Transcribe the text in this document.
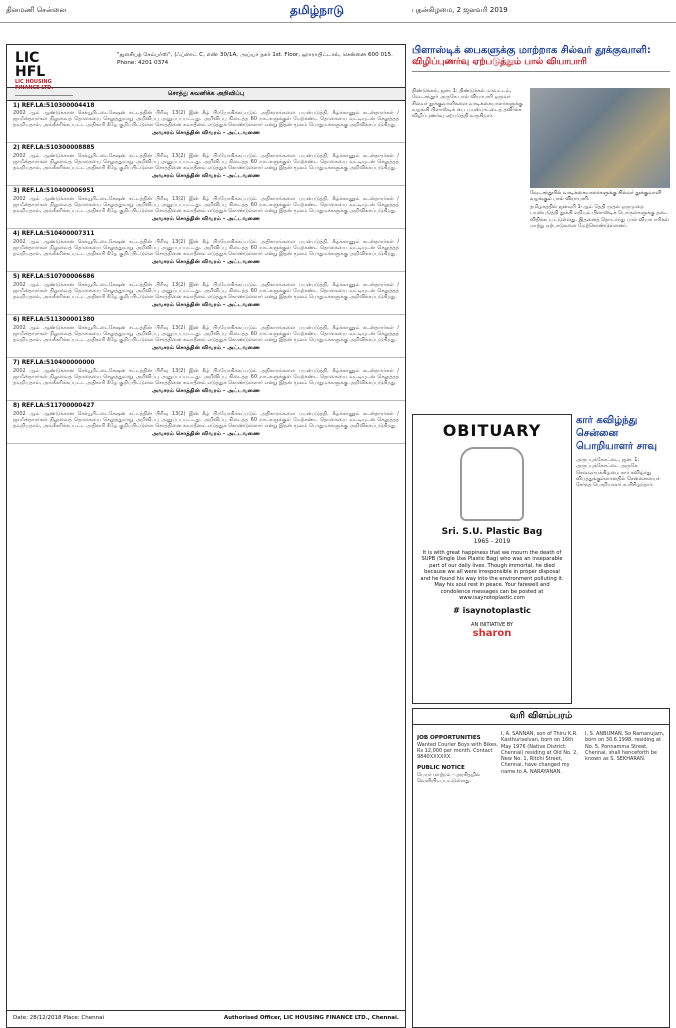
தினமணி சென்னை	தமிழ்நாடு	புதன்கிழமை, 2 ஜனவரி 2019
LIC HFL
LIC HOUSING FINANCE LTD.
"துளசிபத் சேம்பர்ஸ்", (ஃப்ளாட் C, எண் 30/1A, அய்யா நகர் 1st. Floor, ஹாராபிட்டால், சென்னை 600 015. Phone: 4201 0374
சொத்து கவனிக்க அறிவிப்பு
1) REF.LA:510300004418
2002 ஆம் ஆண்டுக்கான செக்யூரிட்டைசேஷன் சட்டத்தின் பிரிவு 13(2) இன் கீழ் பிரயோகிக்கப்படும் அதிகாரங்களை பயன்படுத்தி, கீழ்க்காணும் கடன்தாரர்கள் / ஜாமீன்தாரர்கள் நிலுவைத் தொகையை செலுத்துமாறு அறிவிப்பு அனுப்பப்பட்டது. அறிவிப்பு கிடைத்த 60 நாட்களுக்குள் மேற்கண்ட தொகையை வட்டியுடன் செலுத்தத் தவறியதால், அங்கீகரிக்கப்பட்ட அதிகாரி கீழே குறிப்பிட்டுள்ள சொத்தினை சுவாதீனம் எடுத்துக் கொண்டுள்ளார் என்று இதன் மூலம் பொதுமக்களுக்கு அறிவிக்கப்படுகிறது.
அவசரம் சொத்தின் விவரம் - அட்டவணை
2) REF.LA:510300008885
2002 ஆம் ஆண்டுக்கான செக்யூரிட்டைசேஷன் சட்டத்தின் பிரிவு 13(2) இன் கீழ் பிரயோகிக்கப்படும் அதிகாரங்களை பயன்படுத்தி, கீழ்க்காணும் கடன்தாரர்கள் / ஜாமீன்தாரர்கள் நிலுவைத் தொகையை செலுத்துமாறு அறிவிப்பு அனுப்பப்பட்டது. அறிவிப்பு கிடைத்த 60 நாட்களுக்குள் மேற்கண்ட தொகையை வட்டியுடன் செலுத்தத் தவறியதால், அங்கீகரிக்கப்பட்ட அதிகாரி கீழே குறிப்பிட்டுள்ள சொத்தினை சுவாதீனம் எடுத்துக் கொண்டுள்ளார் என்று இதன் மூலம் பொதுமக்களுக்கு அறிவிக்கப்படுகிறது.
அவசரம் சொத்தின் விவரம் - அட்டவணை
3) REF.LA:510400006951
2002 ஆம் ஆண்டுக்கான செக்யூரிட்டைசேஷன் சட்டத்தின் பிரிவு 13(2) இன் கீழ் பிரயோகிக்கப்படும் அதிகாரங்களை பயன்படுத்தி, கீழ்க்காணும் கடன்தாரர்கள் / ஜாமீன்தாரர்கள் நிலுவைத் தொகையை செலுத்துமாறு அறிவிப்பு அனுப்பப்பட்டது. அறிவிப்பு கிடைத்த 60 நாட்களுக்குள் மேற்கண்ட தொகையை வட்டியுடன் செலுத்தத் தவறியதால், அங்கீகரிக்கப்பட்ட அதிகாரி கீழே குறிப்பிட்டுள்ள சொத்தினை சுவாதீனம் எடுத்துக் கொண்டுள்ளார் என்று இதன் மூலம் பொதுமக்களுக்கு அறிவிக்கப்படுகிறது.
அவசரம் சொத்தின் விவரம் - அட்டவணை
4) REF.LA:510400007311
2002 ஆம் ஆண்டுக்கான செக்யூரிட்டைசேஷன் சட்டத்தின் பிரிவு 13(2) இன் கீழ் பிரயோகிக்கப்படும் அதிகாரங்களை பயன்படுத்தி, கீழ்க்காணும் கடன்தாரர்கள் / ஜாமீன்தாரர்கள் நிலுவைத் தொகையை செலுத்துமாறு அறிவிப்பு அனுப்பப்பட்டது. அறிவிப்பு கிடைத்த 60 நாட்களுக்குள் மேற்கண்ட தொகையை வட்டியுடன் செலுத்தத் தவறியதால், அங்கீகரிக்கப்பட்ட அதிகாரி கீழே குறிப்பிட்டுள்ள சொத்தினை சுவாதீனம் எடுத்துக் கொண்டுள்ளார் என்று இதன் மூலம் பொதுமக்களுக்கு அறிவிக்கப்படுகிறது.
அவசரம் சொத்தின் விவரம் - அட்டவணை
5) REF.LA:510700006686
2002 ஆம் ஆண்டுக்கான செக்யூரிட்டைசேஷன் சட்டத்தின் பிரிவு 13(2) இன் கீழ் பிரயோகிக்கப்படும் அதிகாரங்களை பயன்படுத்தி, கீழ்க்காணும் கடன்தாரர்கள் / ஜாமீன்தாரர்கள் நிலுவைத் தொகையை செலுத்துமாறு அறிவிப்பு அனுப்பப்பட்டது. அறிவிப்பு கிடைத்த 60 நாட்களுக்குள் மேற்கண்ட தொகையை வட்டியுடன் செலுத்தத் தவறியதால், அங்கீகரிக்கப்பட்ட அதிகாரி கீழே குறிப்பிட்டுள்ள சொத்தினை சுவாதீனம் எடுத்துக் கொண்டுள்ளார் என்று இதன் மூலம் பொதுமக்களுக்கு அறிவிக்கப்படுகிறது.
அவசரம் சொத்தின் விவரம் - அட்டவணை
6) REF.LA:511300001380
2002 ஆம் ஆண்டுக்கான செக்யூரிட்டைசேஷன் சட்டத்தின் பிரிவு 13(2) இன் கீழ் பிரயோகிக்கப்படும் அதிகாரங்களை பயன்படுத்தி, கீழ்க்காணும் கடன்தாரர்கள் / ஜாமீன்தாரர்கள் நிலுவைத் தொகையை செலுத்துமாறு அறிவிப்பு அனுப்பப்பட்டது. அறிவிப்பு கிடைத்த 60 நாட்களுக்குள் மேற்கண்ட தொகையை வட்டியுடன் செலுத்தத் தவறியதால், அங்கீகரிக்கப்பட்ட அதிகாரி கீழே குறிப்பிட்டுள்ள சொத்தினை சுவாதீனம் எடுத்துக் கொண்டுள்ளார் என்று இதன் மூலம் பொதுமக்களுக்கு அறிவிக்கப்படுகிறது.
அவசரம் சொத்தின் விவரம் - அட்டவணை
7) REF.LA:510400000000
2002 ஆம் ஆண்டுக்கான செக்யூரிட்டைசேஷன் சட்டத்தின் பிரிவு 13(2) இன் கீழ் பிரயோகிக்கப்படும் அதிகாரங்களை பயன்படுத்தி, கீழ்க்காணும் கடன்தாரர்கள் / ஜாமீன்தாரர்கள் நிலுவைத் தொகையை செலுத்துமாறு அறிவிப்பு அனுப்பப்பட்டது. அறிவிப்பு கிடைத்த 60 நாட்களுக்குள் மேற்கண்ட தொகையை வட்டியுடன் செலுத்தத் தவறியதால், அங்கீகரிக்கப்பட்ட அதிகாரி கீழே குறிப்பிட்டுள்ள சொத்தினை சுவாதீனம் எடுத்துக் கொண்டுள்ளார் என்று இதன் மூலம் பொதுமக்களுக்கு அறிவிக்கப்படுகிறது.
அவசரம் சொத்தின் விவரம் - அட்டவணை
8) REF.LA:511700000427
2002 ஆம் ஆண்டுக்கான செக்யூரிட்டைசேஷன் சட்டத்தின் பிரிவு 13(2) இன் கீழ் பிரயோகிக்கப்படும் அதிகாரங்களை பயன்படுத்தி, கீழ்க்காணும் கடன்தாரர்கள் / ஜாமீன்தாரர்கள் நிலுவைத் தொகையை செலுத்துமாறு அறிவிப்பு அனுப்பப்பட்டது. அறிவிப்பு கிடைத்த 60 நாட்களுக்குள் மேற்கண்ட தொகையை வட்டியுடன் செலுத்தத் தவறியதால், அங்கீகரிக்கப்பட்ட அதிகாரி கீழே குறிப்பிட்டுள்ள சொத்தினை சுவாதீனம் எடுத்துக் கொண்டுள்ளார் என்று இதன் மூலம் பொதுமக்களுக்கு அறிவிக்கப்படுகிறது.
அவசரம் சொத்தின் விவரம் - அட்டவணை
Date: 28/12/2018 Place: Chennai	Authorised Officer, LIC HOUSING FINANCE LTD., Chennai.
பிளாஸ்டிக் பைகளுக்கு மாற்றாக சில்வர் தூக்குவாளி:
விழிப்புணர்வு ஏற்படுத்தும் பால் வியாபாரி
திண்டுக்கல், ஜன. 1: திண்டுக்கல் மாவட்டம், வேடசந்தூர் அருகே பால் வியாபாரி ஒருவர் சில்வர் தூக்குவாளிகளை வாடிக்கையாளர்களுக்கு வழங்கி பிளாஸ்டிக் பை பயன்பாட்டைத் தவிர்க்க விழிப்புணர்வு ஏற்படுத்தி வருகிறார்.
வேடசந்தூரில் வாடிக்கையாளர்களுக்கு சில்வர் தூக்குவாளி வழங்கும் பால் வியாபாரி.
தமிழகத்தில் ஜனவரி 1-ஆம் தேதி முதல் ஒருமுறை பயன்படுத்தி தூக்கி எறியும் பிளாஸ்டிக் பொருள்களுக்கு தடை விதிக்கப்பட்டுள்ளது. இதனைத் தொடர்ந்து பால் வியாபாரிகள் மாற்று ஏற்பாடுகளை மேற்கொண்டுள்ளனர்.
OBITUARY
Sri. S.U. Plastic Bag
1965 - 2019
It is with great happiness that we mourn the death of SUPB (Single Use Plastic Bag) who was an inseparable part of our daily lives. Though immortal, he died because we all were irresponsible in proper disposal and he found his way into the environment polluting it. May his soul rest in peace. Your farewell and condolence messages can be posted at www.isaynotoplastic.com
# isaynotoplastic
AN INITIATIVE BY
sharon
கார் கவிழ்ந்து சென்னை பொறியாளர் சாவு
அருப்புக்கோட்டை, ஜன. 1: அருப்புக்கோட்டை அருகே செவ்வாய்க்கிழமை கார் கவிழ்ந்து விபத்துக்குள்ளானதில் சென்னையைச் சேர்ந்த பொறியாளர் உயிரிழந்தார்.
வரி விளம்பரம்
JOB OPPORTUNITIES
Wanted Courier Boys with Bikes. Rs 12,000 per month. Contact 9840XXXXXX.
PUBLIC NOTICE
பெயர் மாற்றம் - அரசிதழில் வெளியிடப்பட்டுள்ளது.
I, A. SANNAN, son of Thiru K.R. Kasthuriselvan, born on 16th May 1976 (Native District: Chennai) residing at Old No. 2, New No. 1, Ritchi Street, Chennai, have changed my name to A. NARAYANAN.
I, S. ANBUMAN, So Ramanujam, born on 30.6.1998, residing at No. 5, Ponnamma Street, Chennai, shall henceforth be known as S. SEKHARAN.
